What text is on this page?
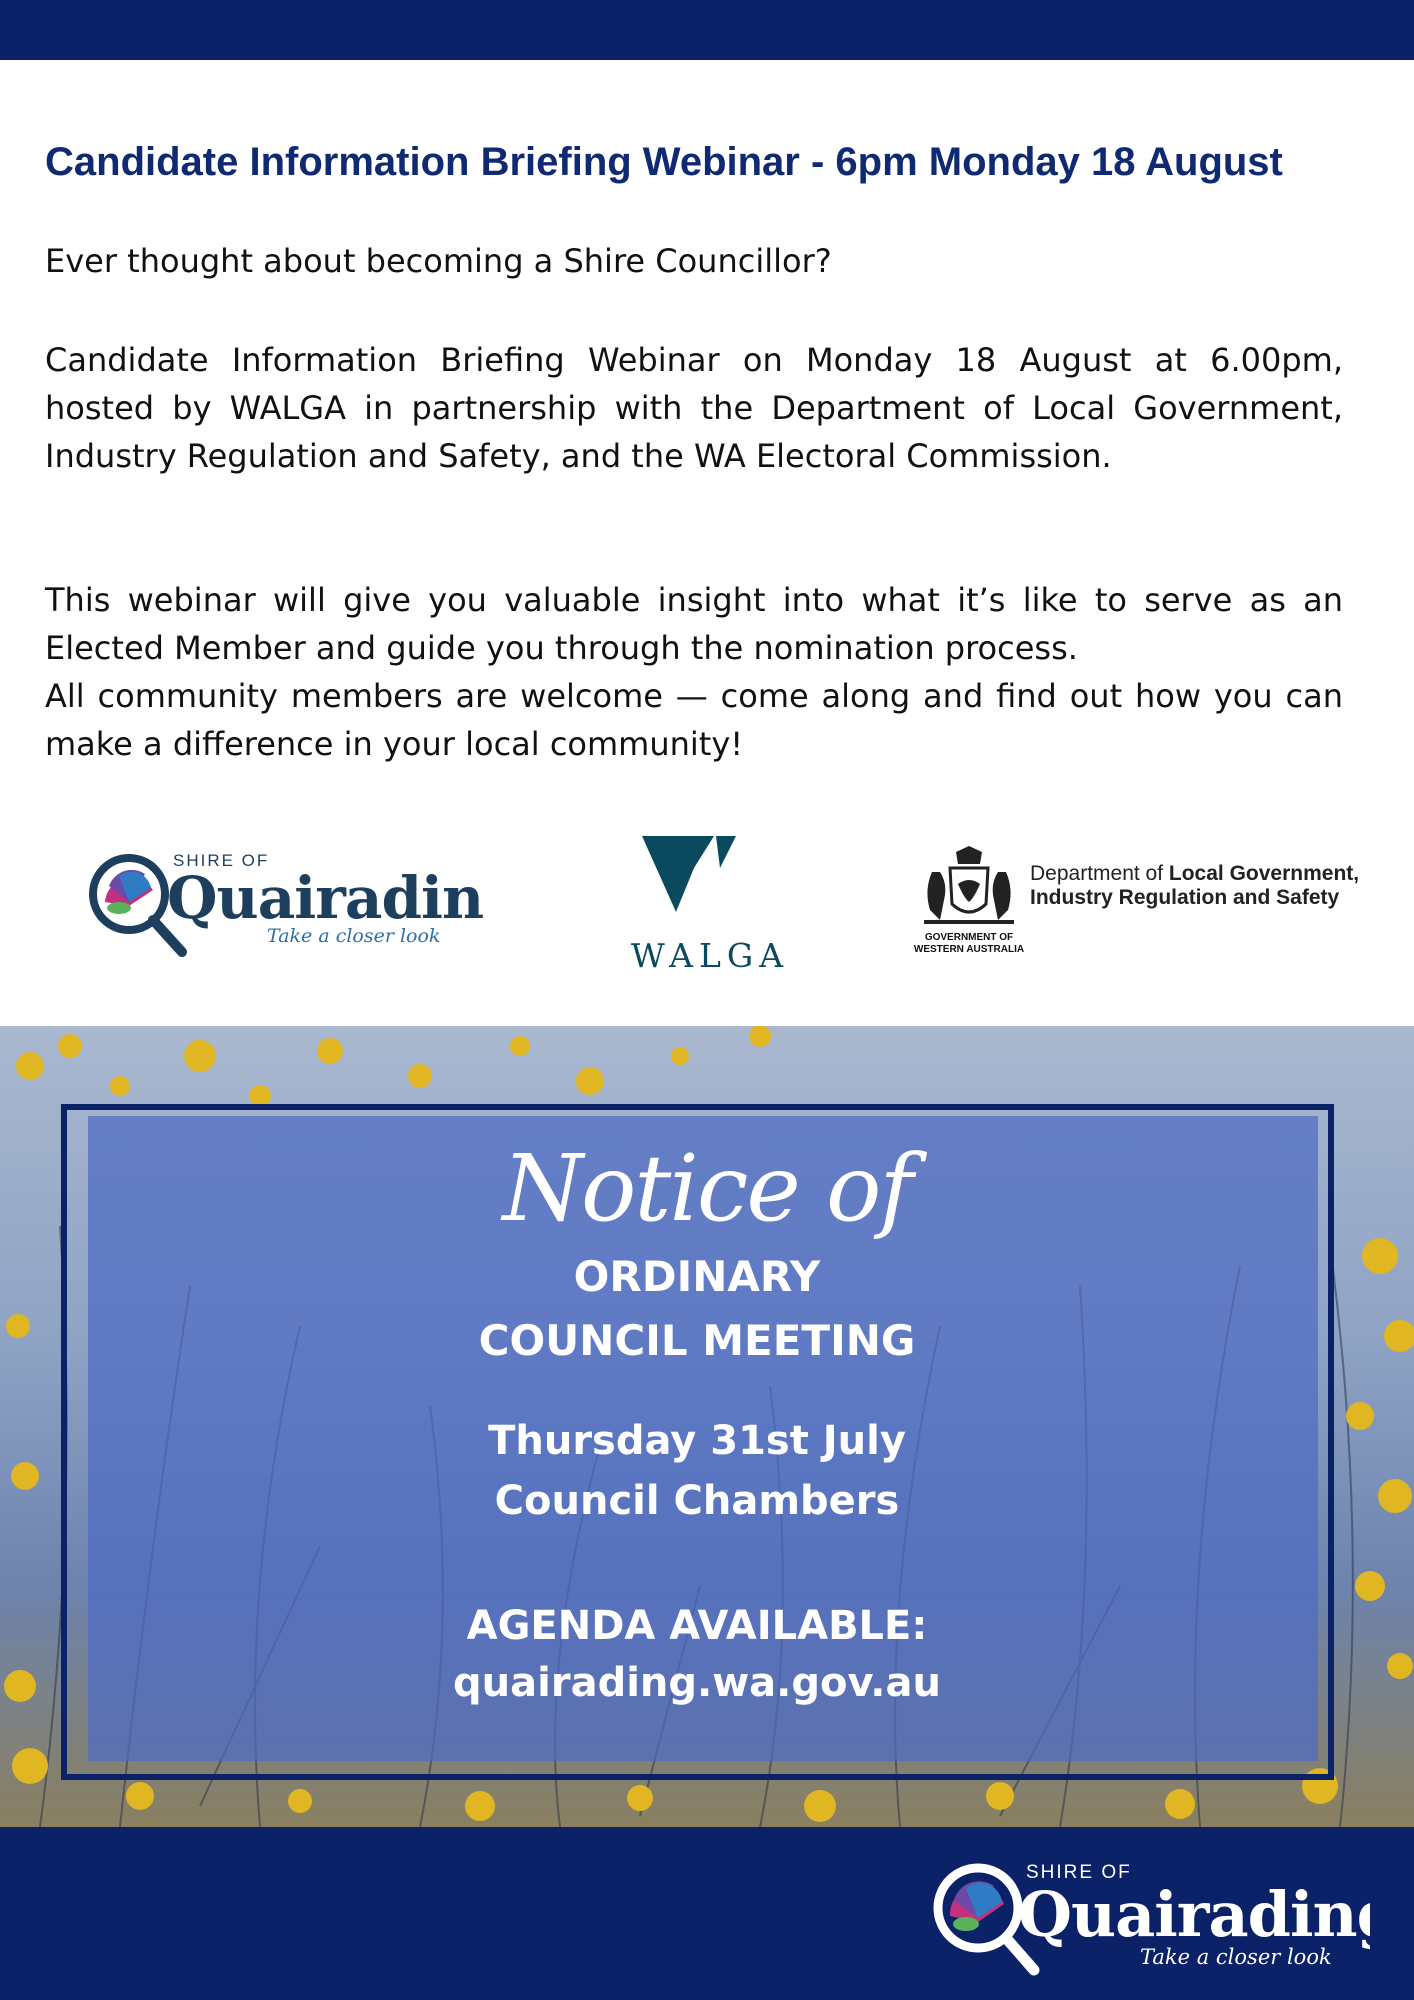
Candidate Information Briefing Webinar - 6pm Monday 18 August

Ever thought about becoming a Shire Councillor?

Candidate Information Briefing Webinar on Monday 18 August at 6.00pm, hosted by WALGA in partnership with the Department of Local Government, Industry Regulation and Safety, and the WA Electoral Commission.

This webinar will give you valuable insight into what it’s like to serve as an Elected Member and guide you through the nomination process.
All community members are welcome — come along and find out how you can make a difference in your local community!
SHIRE OF
Quairadin
Take a closer look	WALGA
Department of Local Government,
Industry Regulation and Safety
GOVERNMENT OF
WESTERN AUSTRALIA
Notice of
ORDINARY
COUNCIL MEETING
Thursday 31st July
Council Chambers
AGENDA AVAILABLE:
quairading.wa.gov.au
SHIRE OF
Quairading
Take a closer look
